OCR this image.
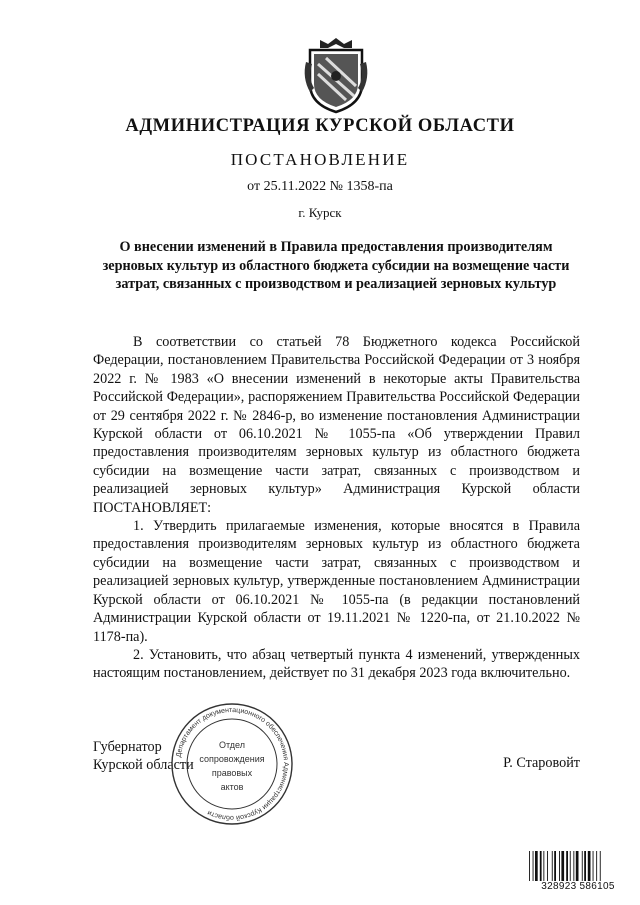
АДМИНИСТРАЦИЯ КУРСКОЙ ОБЛАСТИ
ПОСТАНОВЛЕНИЕ
от 25.11.2022 № 1358-па
г. Курск
О внесении изменений в Правила предоставления производителям зерновых культур из областного бюджета субсидии на возмещение части затрат, связанных с производством и реализацией зерновых культур

В соответствии со статьей 78 Бюджетного кодекса Российской Федерации, постановлением Правительства Российской Федерации от 3 ноября 2022 г. № 1983 «О внесении изменений в некоторые акты Правительства Российской Федерации», распоряжением Правительства Российской Федерации от 29 сентября 2022 г. № 2846-р, во изменение постановления Администрации Курской области от 06.10.2021 № 1055-па «Об утверждении Правил предоставления производителям зерновых культур из областного бюджета субсидии на возмещение части затрат, связанных с производством и реализацией зерновых культур» Администрация Курской области ПОСТАНОВЛЯЕТ:

1. Утвердить прилагаемые изменения, которые вносятся в Правила предоставления производителям зерновых культур из областного бюджета субсидии на возмещение части затрат, связанных с производством и реализацией зерновых культур, утвержденные постановлением Администрации Курской области от 06.10.2021 № 1055-па (в редакции постановлений Администрации Курской области от 19.11.2021 № 1220-па, от 21.10.2022 № 1178-па).

2. Установить, что абзац четвертый пункта 4 изменений, утвержденных настоящим постановлением, действует по 31 декабря 2023 года включительно.

Губернатор
Курской области	Р. Старовойт
Департамент документационного обеспечения Администрации Курской области
Отдел
сопровождения
правовых
актов
328923 586105
